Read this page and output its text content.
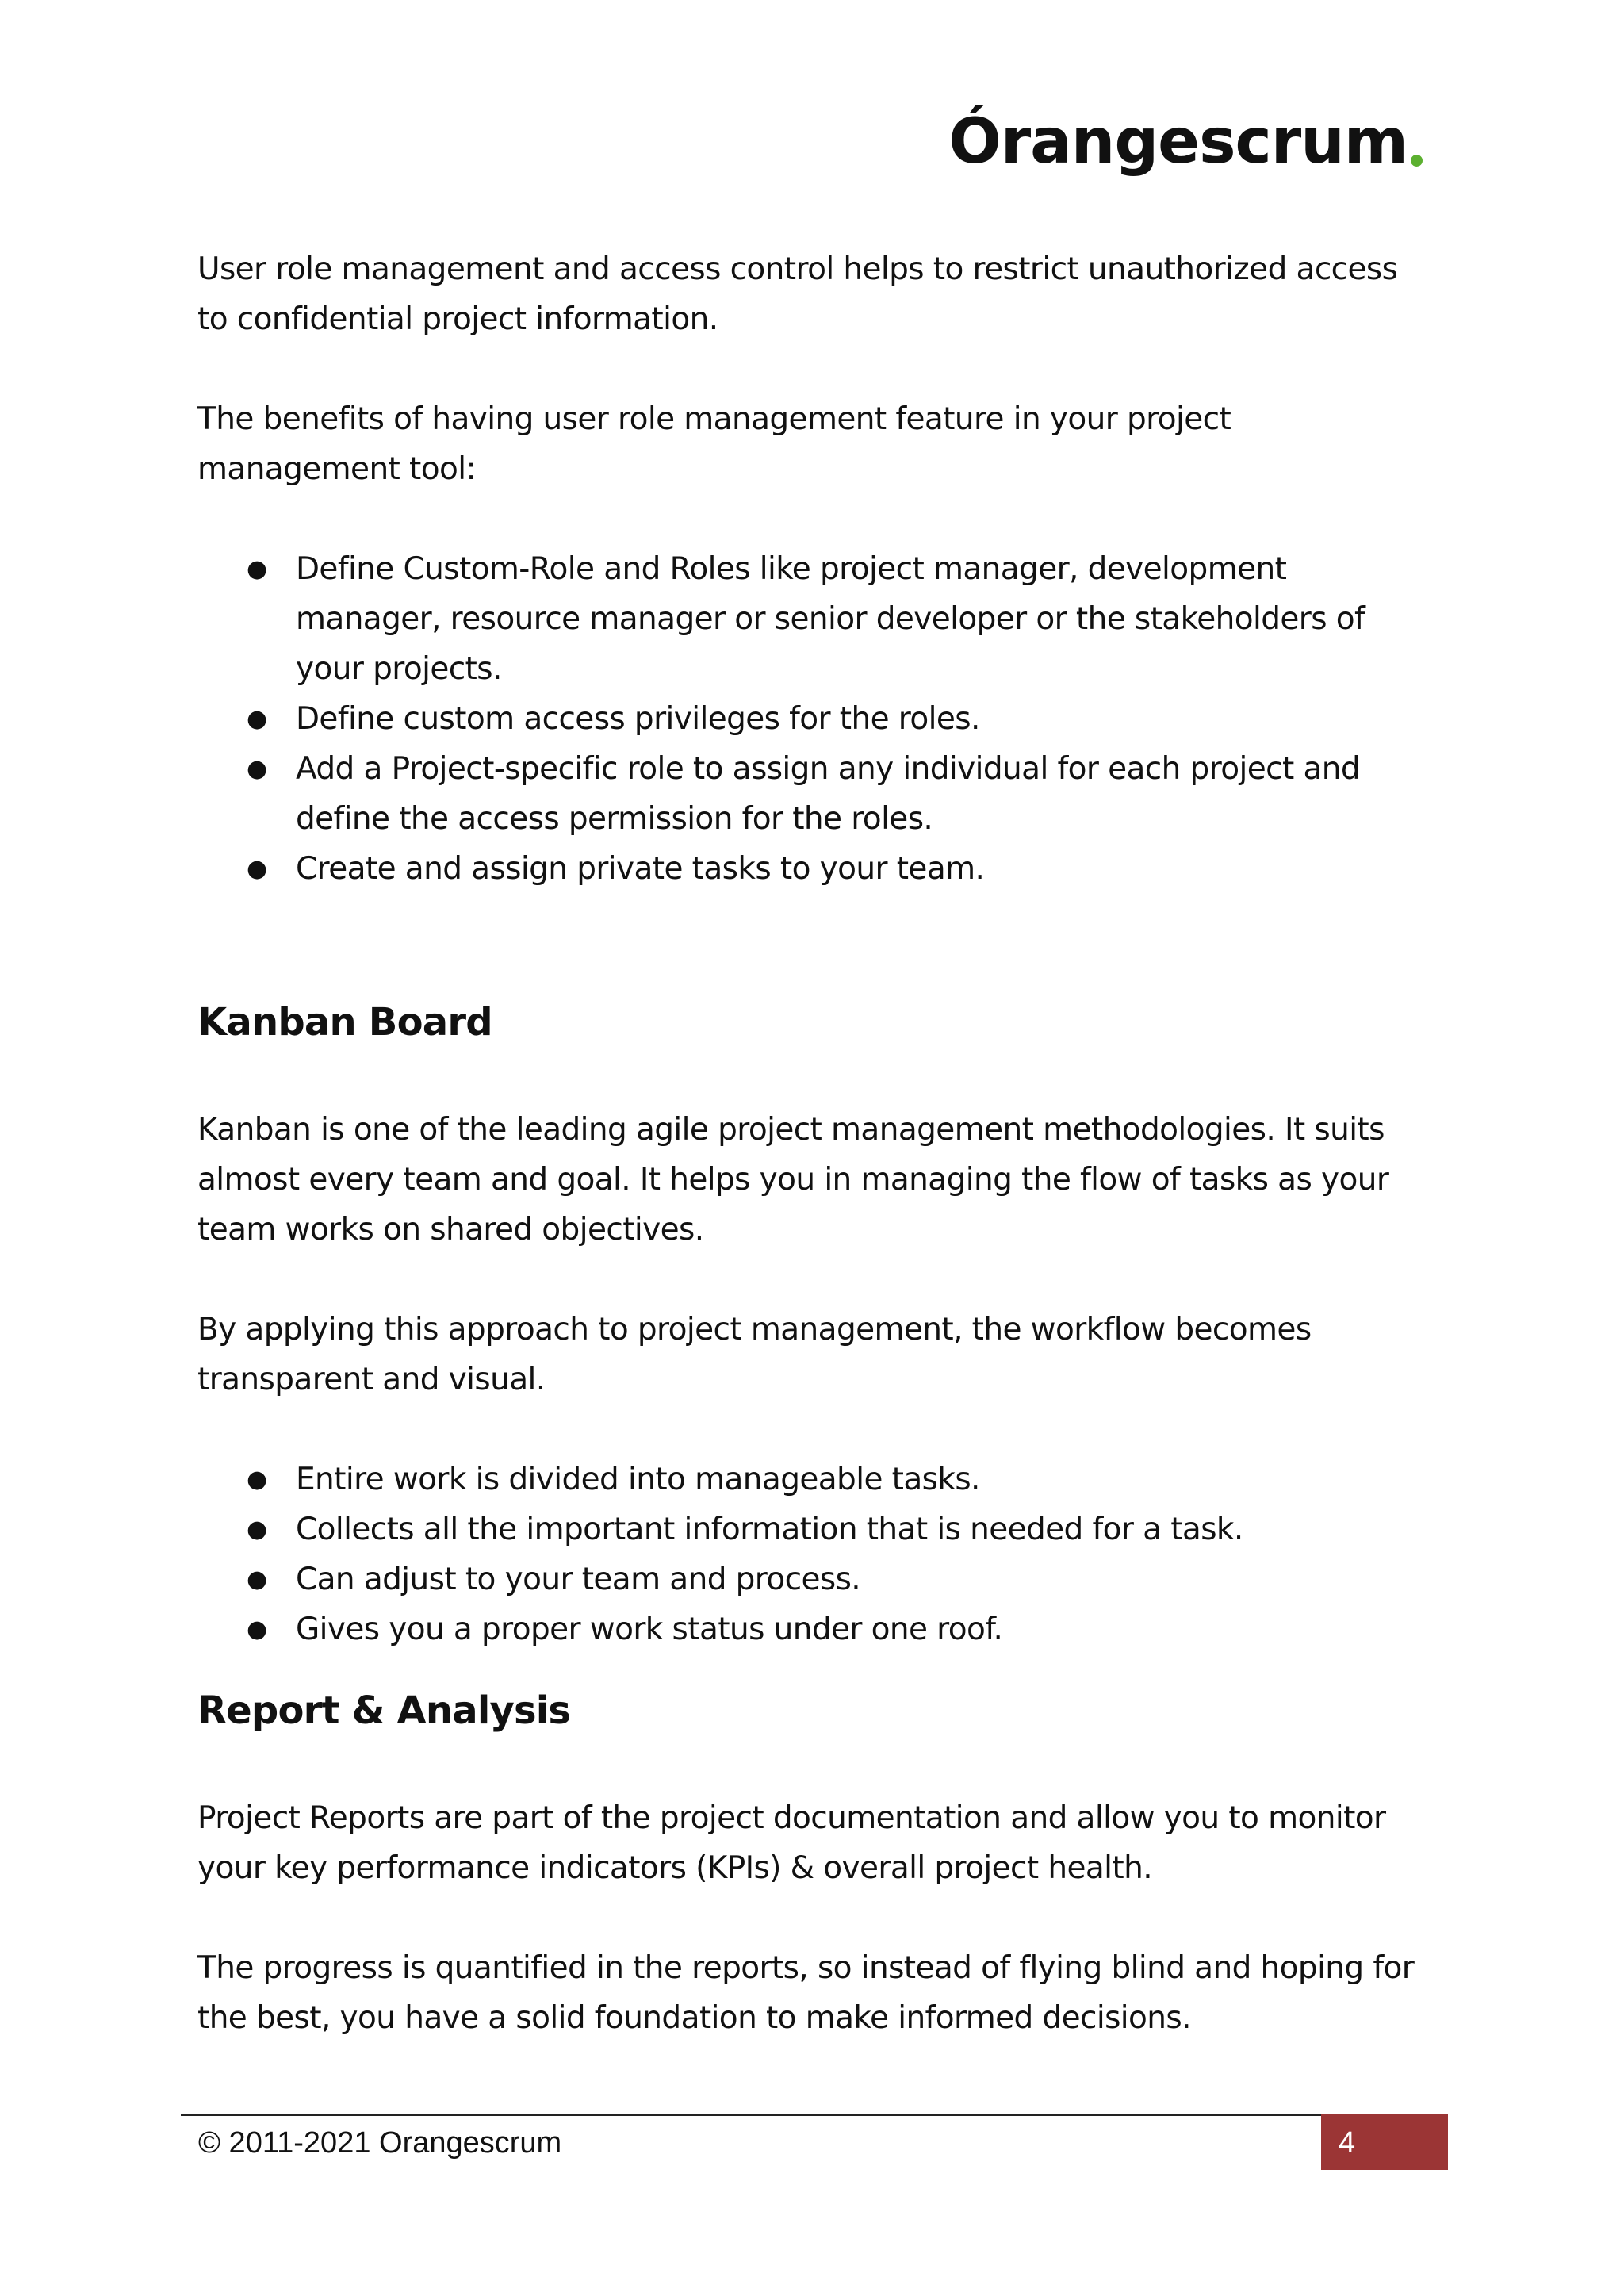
Órangescrum

User role management and access control helps to restrict unauthorized access to confidential project information.

The benefits of having user role management feature in your project management tool:

● Define Custom-Role and Roles like project manager, development manager, resource manager or senior developer or the stakeholders of your projects.
● Define custom access privileges for the roles.
● Add a Project-specific role to assign any individual for each project and define the access permission for the roles.
● Create and assign private tasks to your team.
Kanban Board

Kanban is one of the leading agile project management methodologies. It suits almost every team and goal. It helps you in managing the flow of tasks as your team works on shared objectives.

By applying this approach to project management, the workflow becomes transparent and visual.

● Entire work is divided into manageable tasks.
● Collects all the important information that is needed for a task.
● Can adjust to your team and process.
● Gives you a proper work status under one roof.
Report & Analysis

Project Reports are part of the project documentation and allow you to monitor your key performance indicators (KPIs) & overall project health.

The progress is quantified in the reports, so instead of flying blind and hoping for the best, you have a solid foundation to make informed decisions.

© 2011-2021 Orangescrum	4
